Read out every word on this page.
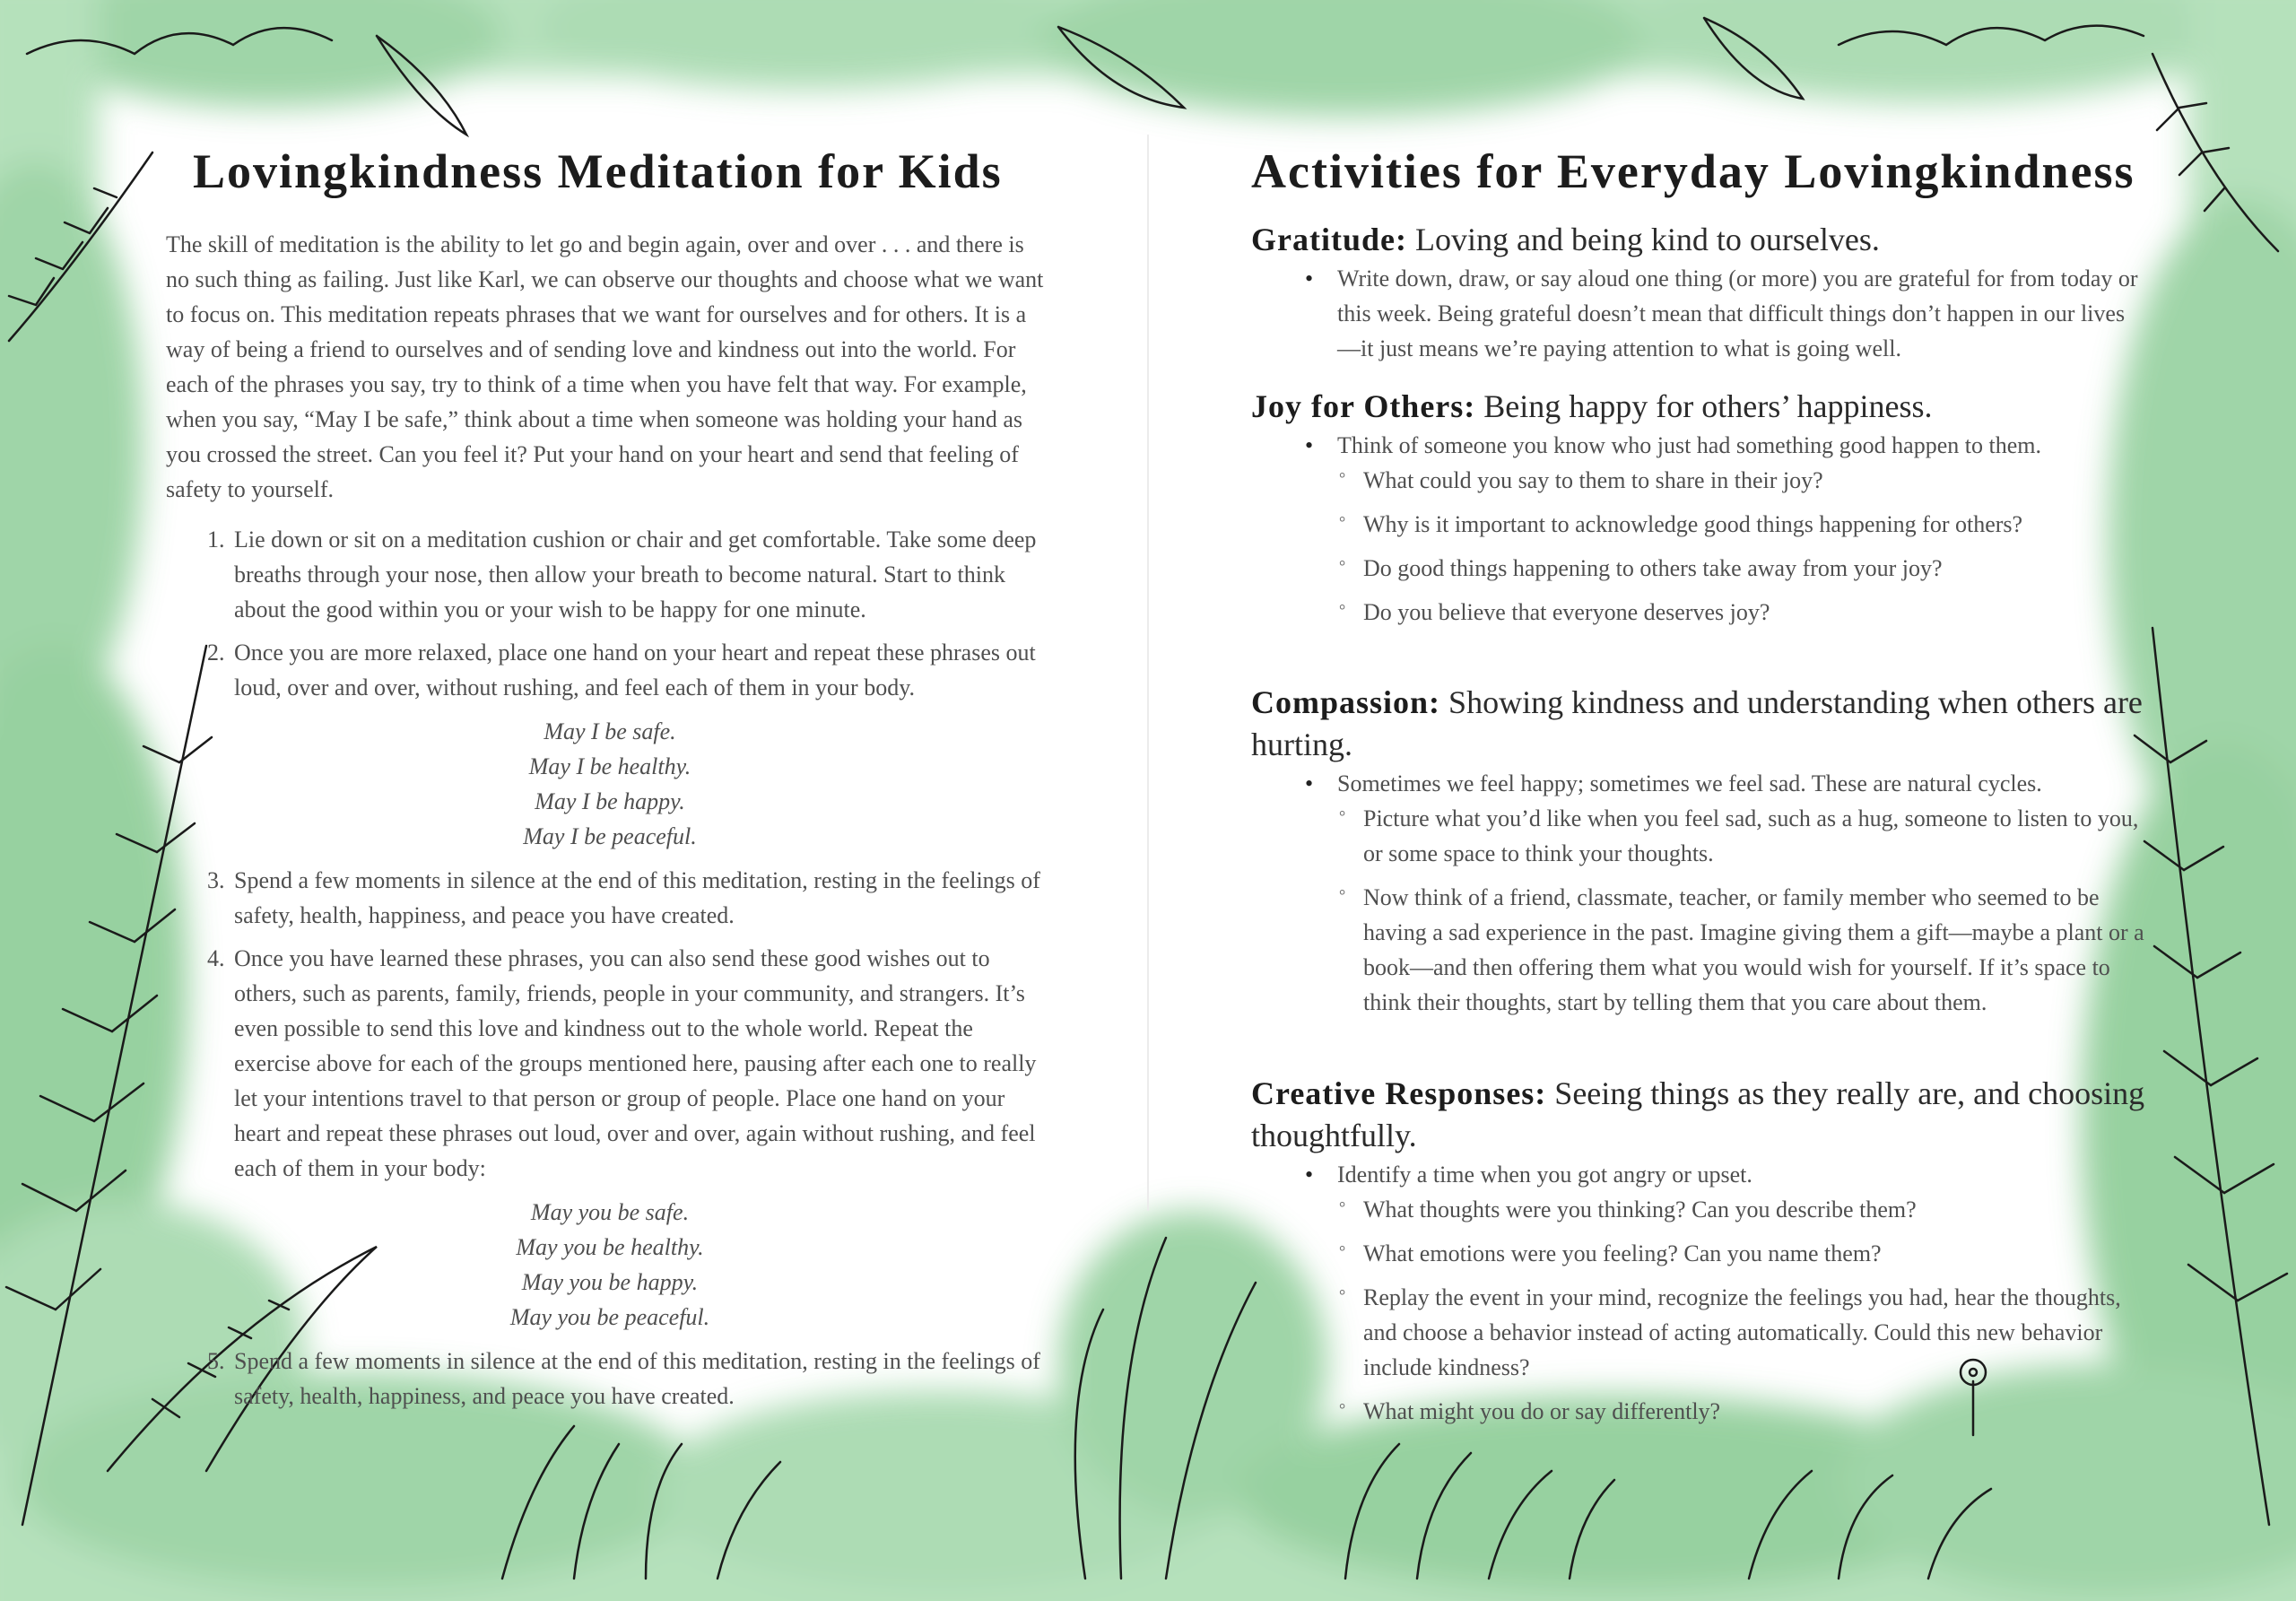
Lovingkindness Meditation for Kids

The skill of meditation is the ability to let go and begin again, over and over . . . and there is no such thing as failing. Just like Karl, we can observe our thoughts and choose what we want to focus on. This meditation repeats phrases that we want for ourselves and for others. It is a way of being a friend to ourselves and of sending love and kindness out into the world. For each of the phrases you say, try to think of a time when you have felt that way. For example, when you say, “May I be safe,” think about a time when someone was holding your hand as you crossed the street. Can you feel it? Put your hand on your heart and send that feeling of safety to yourself.

1. Lie down or sit on a meditation cushion or chair and get comfortable. Take some deep breaths through your nose, then allow your breath to become natural. Start to think about the good within you or your wish to be happy for one minute.
2. Once you are more relaxed, place one hand on your heart and repeat these phrases out loud, over and over, without rushing, and feel each of them in your body.
May I be safe.
May I be healthy.
May I be happy.
May I be peaceful.
3. Spend a few moments in silence at the end of this meditation, resting in the feelings of safety, health, happiness, and peace you have created.
4. Once you have learned these phrases, you can also send these good wishes out to others, such as parents, family, friends, people in your community, and strangers. It’s even possible to send this love and kindness out to the whole world. Repeat the exercise above for each of the groups mentioned here, pausing after each one to really let your intentions travel to that person or group of people. Place one hand on your heart and repeat these phrases out loud, over and over, again without rushing, and feel each of them in your body:
May you be safe.
May you be healthy.
May you be happy.
May you be peaceful.
5. Spend a few moments in silence at the end of this meditation, resting in the feelings of safety, health, happiness, and peace you have created.
Activities for Everyday Lovingkindness

Gratitude: Loving and being kind to ourselves.

• Write down, draw, or say aloud one thing (or more) you are grateful for from today or this week. Being grateful doesn’t mean that difficult things don’t happen in our lives—it just means we’re paying attention to what is going well.

Joy for Others: Being happy for others’ happiness.

• Think of someone you know who just had something good happen to them.
° What could you say to them to share in their joy?
° Why is it important to acknowledge good things happening for others?
° Do good things happening to others take away from your joy?
° Do you believe that everyone deserves joy?

Compassion: Showing kindness and understanding when others are hurting.

• Sometimes we feel happy; sometimes we feel sad. These are natural cycles.
° Picture what you’d like when you feel sad, such as a hug, someone to listen to you, or some space to think your thoughts.
° Now think of a friend, classmate, teacher, or family member who seemed to be having a sad experience in the past. Imagine giving them a gift—maybe a plant or a book—and then offering them what you would wish for yourself. If it’s space to think their thoughts, start by telling them that you care about them.

Creative Responses: Seeing things as they really are, and choosing thoughtfully.

• Identify a time when you got angry or upset.
° What thoughts were you thinking? Can you describe them?
° What emotions were you feeling? Can you name them?
° Replay the event in your mind, recognize the feelings you had, hear the thoughts, and choose a behavior instead of acting automatically. Could this new behavior include kindness?
° What might you do or say differently?
